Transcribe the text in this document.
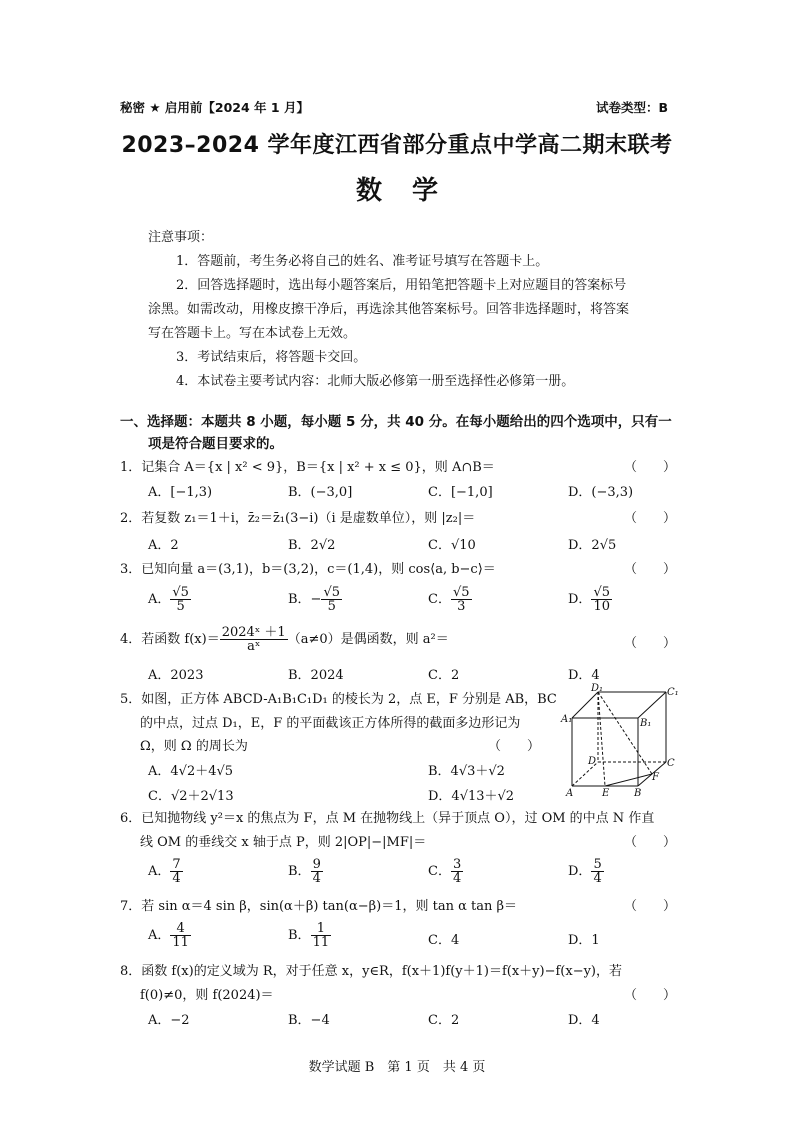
秘密 ★ 启用前【2024 年 1 月】	试卷类型：B
2023–2024 学年度江西省部分重点中学高二期末联考
数学
注意事项：
1．答题前，考生务必将自己的姓名、准考证号填写在答题卡上。
2．回答选择题时，选出每小题答案后，用铅笔把答题卡上对应题目的答案标号
涂黑。如需改动，用橡皮擦干净后，再选涂其他答案标号。回答非选择题时，将答案
写在答题卡上。写在本试卷上无效。
3．考试结束后，将答题卡交回。
4．本试卷主要考试内容：北师大版必修第一册至选择性必修第一册。
一、选择题：本题共 8 小题，每小题 5 分，共 40 分。在每小题给出的四个选项中，只有一
项是符合题目要求的。
1．记集合 A＝{x | x² < 9}，B＝{x | x² + x ≤ 0}，则 A∩B＝	（　　）
A．[−1,3)	B．(−3,0]	C．[−1,0]	D．(−3,3)
2．若复数 z₁＝1＋i，z̄₂＝z̄₁(3−i)（i 是虚数单位），则 |z₂|＝	（　　）
A．2	B．2√2	C．√10	D．2√5
3．已知向量 a＝(3,1)，b＝(3,2)，c＝(1,4)，则 cos⟨a, b−c⟩＝	（　　）
A． $\frac{√5}{5}$	B．− $\frac{√5}{5}$	C． $\frac{√5}{3}$	D． $\frac{√5}{10}$
4．若函数 $f(x)= \frac{\text{2024ˣ ＋1}}{\text{aˣ}} (a\ne 0)$是偶函数，则 a²＝	（　　）
A．2023	B．2024	C．2	D．4
5．如图，正方体 ABCD-A₁B₁C₁D₁ 的棱长为 2，点 E，F 分别是 AB，BC
的中点，过点 D₁，E，F 的平面截该正方体所得的截面多边形记为
Ω，则 Ω 的周长为	（　　）
A．4√2＋4√5	B．4√3＋√2
C．√2＋2√13	D．4√13＋√2
D₁	C₁
A₁	B₁
D	C
F
A	E B
6．已知抛物线 y²＝x 的焦点为 F，点 M 在抛物线上（异于顶点 O），过 OM 的中点 N 作直
线 OM 的垂线交 x 轴于点 P，则 2|OP|−|MF|＝	（　　）
A． $\frac{7}{4}$	B． $\frac{9}{4}$	C． $\frac{3}{4}$	D． $\frac{5}{4}$
7．若 sin α＝4 sin β，sin(α＋β) tan(α−β)＝1，则 tan α tan β＝	（　　）
A． $\frac{4}{11}$	B． $\frac{1}{11}$	C．4	D．1
8．函数 f(x)的定义域为 R，对于任意 x，y∈R，f(x＋1)f(y＋1)＝f(x＋y)−f(x−y)，若
f(0)≠0，则 f(2024)＝	（　　）
A．−2	B．−4	C．2	D．4
数学试题 B　第 1 页　共 4 页
